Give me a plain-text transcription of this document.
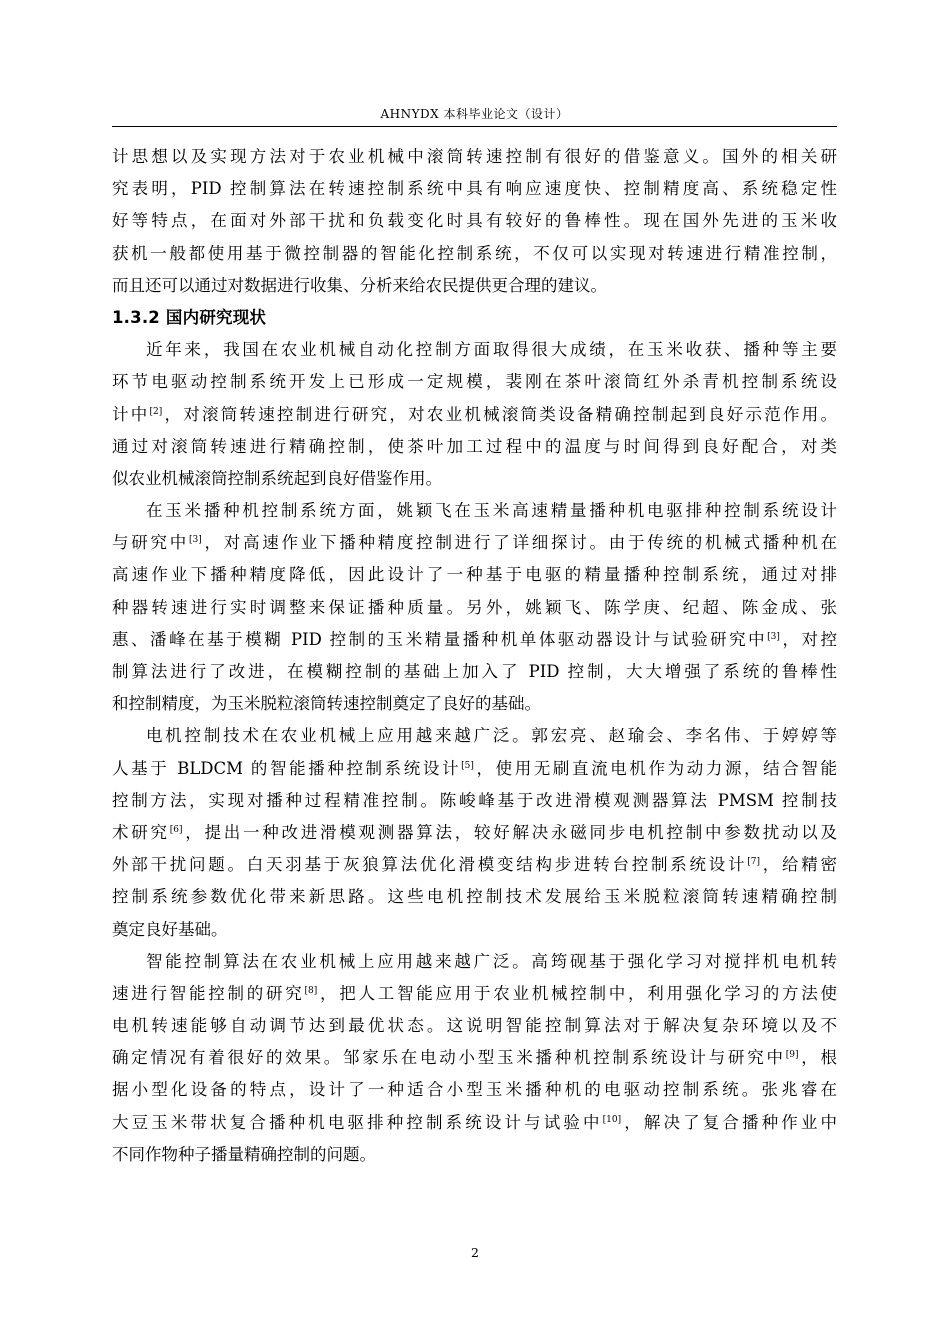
AHNYDX 本科毕业论文（设计）
计思想以及实现方法对于农业机械中滚筒转速控制有很好的借鉴意义。国外的相关研
究表明，PID 控制算法在转速控制系统中具有响应速度快、控制精度高、系统稳定性
好等特点，在面对外部干扰和负载变化时具有较好的鲁棒性。现在国外先进的玉米收
获机一般都使用基于微控制器的智能化控制系统，不仅可以实现对转速进行精准控制，
而且还可以通过对数据进行收集、分析来给农民提供更合理的建议。
1.3.2 国内研究现状
近年来，我国在农业机械自动化控制方面取得很大成绩，在玉米收获、播种等主要
环节电驱动控制系统开发上已形成一定规模，裴刚在茶叶滚筒红外杀青机控制系统设
计中[2]，对滚筒转速控制进行研究，对农业机械滚筒类设备精确控制起到良好示范作用。
通过对滚筒转速进行精确控制，使茶叶加工过程中的温度与时间得到良好配合，对类
似农业机械滚筒控制系统起到良好借鉴作用。
在玉米播种机控制系统方面，姚颖飞在玉米高速精量播种机电驱排种控制系统设计
与研究中[3]，对高速作业下播种精度控制进行了详细探讨。由于传统的机械式播种机在
高速作业下播种精度降低，因此设计了一种基于电驱的精量播种控制系统，通过对排
种器转速进行实时调整来保证播种质量。另外，姚颖飞、陈学庚、纪超、陈金成、张
惠、潘峰在基于模糊 PID 控制的玉米精量播种机单体驱动器设计与试验研究中[3]，对控
制算法进行了改进，在模糊控制的基础上加入了 PID 控制，大大增强了系统的鲁棒性
和控制精度，为玉米脱粒滚筒转速控制奠定了良好的基础。
电机控制技术在农业机械上应用越来越广泛。郭宏亮、赵瑜会、李名伟、于婷婷等
人基于 BLDCM 的智能播种控制系统设计[5]，使用无刷直流电机作为动力源，结合智能
控制方法，实现对播种过程精准控制。陈峻峰基于改进滑模观测器算法 PMSM 控制技
术研究[6]，提出一种改进滑模观测器算法，较好解决永磁同步电机控制中参数扰动以及
外部干扰问题。白天羽基于灰狼算法优化滑模变结构步进转台控制系统设计[7]，给精密
控制系统参数优化带来新思路。这些电机控制技术发展给玉米脱粒滚筒转速精确控制
奠定良好基础。
智能控制算法在农业机械上应用越来越广泛。高筠砚基于强化学习对搅拌机电机转
速进行智能控制的研究[8]，把人工智能应用于农业机械控制中，利用强化学习的方法使
电机转速能够自动调节达到最优状态。这说明智能控制算法对于解决复杂环境以及不
确定情况有着很好的效果。邹家乐在电动小型玉米播种机控制系统设计与研究中[9]，根
据小型化设备的特点，设计了一种适合小型玉米播种机的电驱动控制系统。张兆睿在
大豆玉米带状复合播种机电驱排种控制系统设计与试验中[10]，解决了复合播种作业中
不同作物种子播量精确控制的问题。
2
